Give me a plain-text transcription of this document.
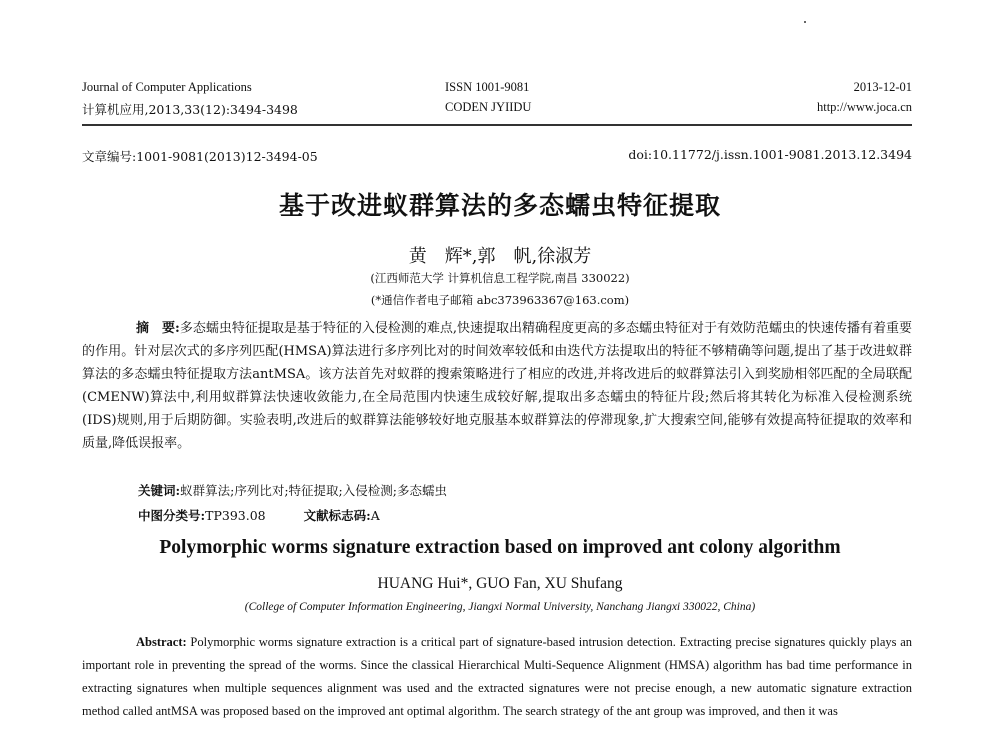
Journal of Computer Applications
计算机应用,2013,33(12):3494-3498
ISSN 1001-9081
CODEN JYIIDU
2013-12-01
http://www.joca.cn
文章编号:1001-9081(2013)12-3494-05	doi:10.11772/j.issn.1001-9081.2013.12.3494
基于改进蚁群算法的多态蠕虫特征提取
黄　辉*,郭　帆,徐淑芳
(江西师范大学 计算机信息工程学院,南昌 330022)
(*通信作者电子邮箱 abc373963367@163.com)
摘　要:多态蠕虫特征提取是基于特征的入侵检测的难点,快速提取出精确程度更高的多态蠕虫特征对于有效防范蠕虫的快速传播有着重要的作用。针对层次式的多序列匹配(HMSA)算法进行多序列比对的时间效率较低和由迭代方法提取出的特征不够精确等问题,提出了基于改进蚁群算法的多态蠕虫特征提取方法antMSA。该方法首先对蚁群的搜索策略进行了相应的改进,并将改进后的蚁群算法引入到奖励相邻匹配的全局联配(CMENW)算法中,利用蚁群算法快速收敛能力,在全局范围内快速生成较好解,提取出多态蠕虫的特征片段;然后将其转化为标准入侵检测系统(IDS)规则,用于后期防御。实验表明,改进后的蚁群算法能够较好地克服基本蚁群算法的停滞现象,扩大搜索空间,能够有效提高特征提取的效率和质量,降低误报率。
关键词:蚁群算法;序列比对;特征提取;入侵检测;多态蠕虫
中图分类号:TP393.08	文献标志码:A
Polymorphic worms signature extraction based on improved ant colony algorithm
HUANG Hui*, GUO Fan, XU Shufang
(College of Computer Information Engineering, Jiangxi Normal University, Nanchang Jiangxi 330022, China)
Abstract: Polymorphic worms signature extraction is a critical part of signature-based intrusion detection. Extracting precise signatures quickly plays an important role in preventing the spread of the worms. Since the classical Hierarchical Multi-Sequence Alignment (HMSA) algorithm has bad time performance in extracting signatures when multiple sequences alignment was used and the extracted signatures were not precise enough, a new automatic signature extraction method called antMSA was proposed based on the improved ant optimal algorithm. The search strategy of the ant group was improved, and then it was
